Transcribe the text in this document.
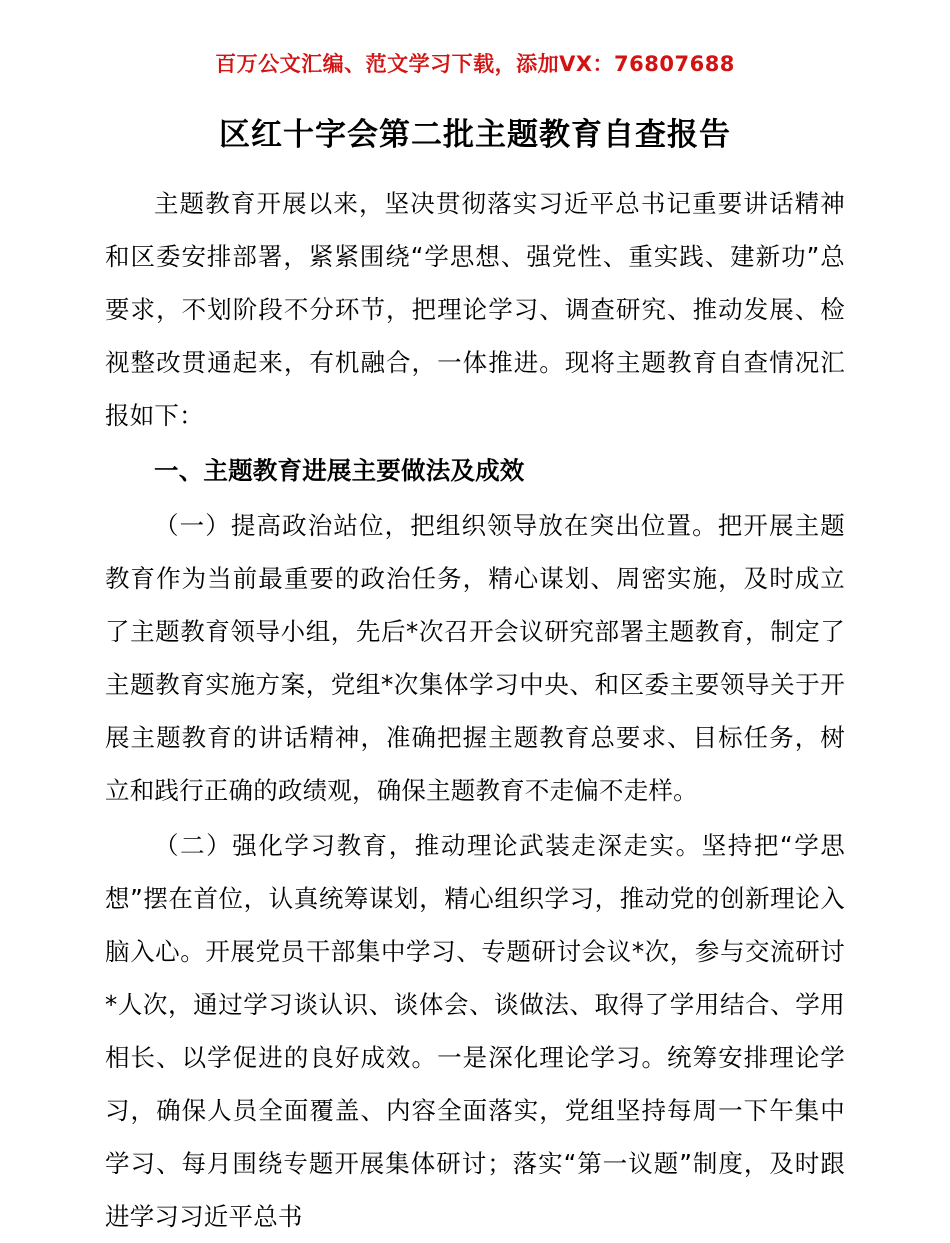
百万公文汇编、范文学习下载，添加VX：76807688
区红十字会第二批主题教育自查报告

主题教育开展以来，坚决贯彻落实习近平总书记重要讲话精神和区委安排部署，紧紧围绕“学思想、强党性、重实践、建新功”总要求，不划阶段不分环节，把理论学习、调查研究、推动发展、检视整改贯通起来，有机融合，一体推进。现将主题教育自查情况汇报如下：

一、主题教育进展主要做法及成效

（一）提高政治站位，把组织领导放在突出位置。把开展主题教育作为当前最重要的政治任务，精心谋划、周密实施，及时成立了主题教育领导小组，先后*次召开会议研究部署主题教育，制定了主题教育实施方案，党组*次集体学习中央、和区委主要领导关于开展主题教育的讲话精神，准确把握主题教育总要求、目标任务，树立和践行正确的政绩观，确保主题教育不走偏不走样。

（二）强化学习教育，推动理论武装走深走实。坚持把“学思想”摆在首位，认真统筹谋划，精心组织学习，推动党的创新理论入脑入心。开展党员干部集中学习、专题研讨会议*次，参与交流研讨*人次，通过学习谈认识、谈体会、谈做法、取得了学用结合、学用相长、以学促进的良好成效。一是深化理论学习。统筹安排理论学习，确保人员全面覆盖、内容全面落实，党组坚持每周一下午集中学习、每月围绕专题开展集体研讨；落实“第一议题”制度，及时跟进学习习近平总书
